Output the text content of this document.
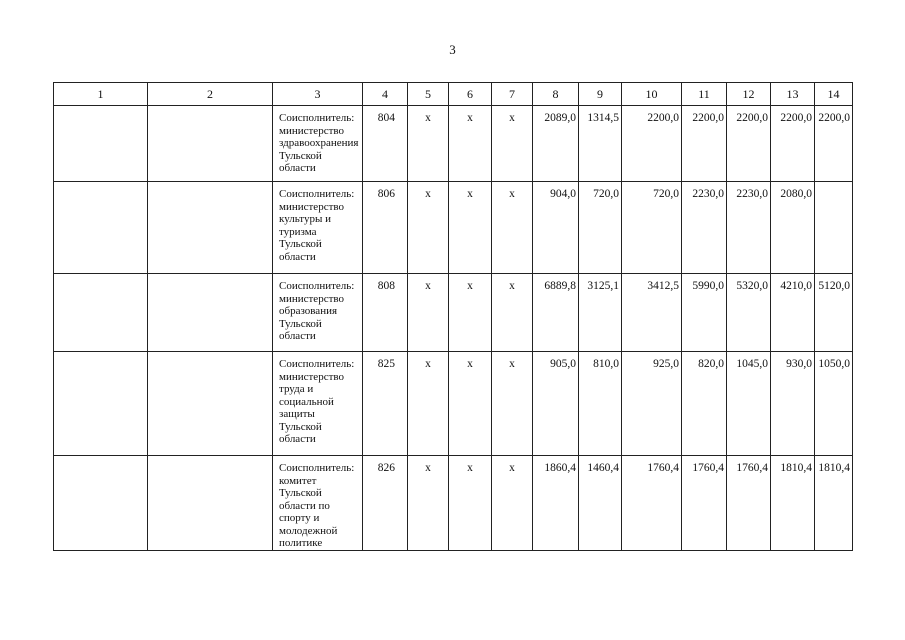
3
1	2	3	4	5	6	7	8	9	10	11	12	13	14
		Соисполнитель: министерство здравоохранения Тульской области	804	x	x	x	2089,0	1314,5	2200,0	2200,0	2200,0	2200,0	2200,0
		Соисполнитель: министерство культуры и туризма Тульской области	806	x	x	x	904,0	720,0	720,0	2230,0	2230,0	2080,0	
		Соисполнитель: министерство образования Тульской области	808	x	x	x	6889,8	3125,1	3412,5	5990,0	5320,0	4210,0	5120,0
		Соисполнитель: министерство труда и социальной защиты Тульской области	825	x	x	x	905,0	810,0	925,0	820,0	1045,0	930,0	1050,0
		Соисполнитель: комитет Тульской области по спорту и молодежной политике	826	x	x	x	1860,4	1460,4	1760,4	1760,4	1760,4	1810,4	1810,4
